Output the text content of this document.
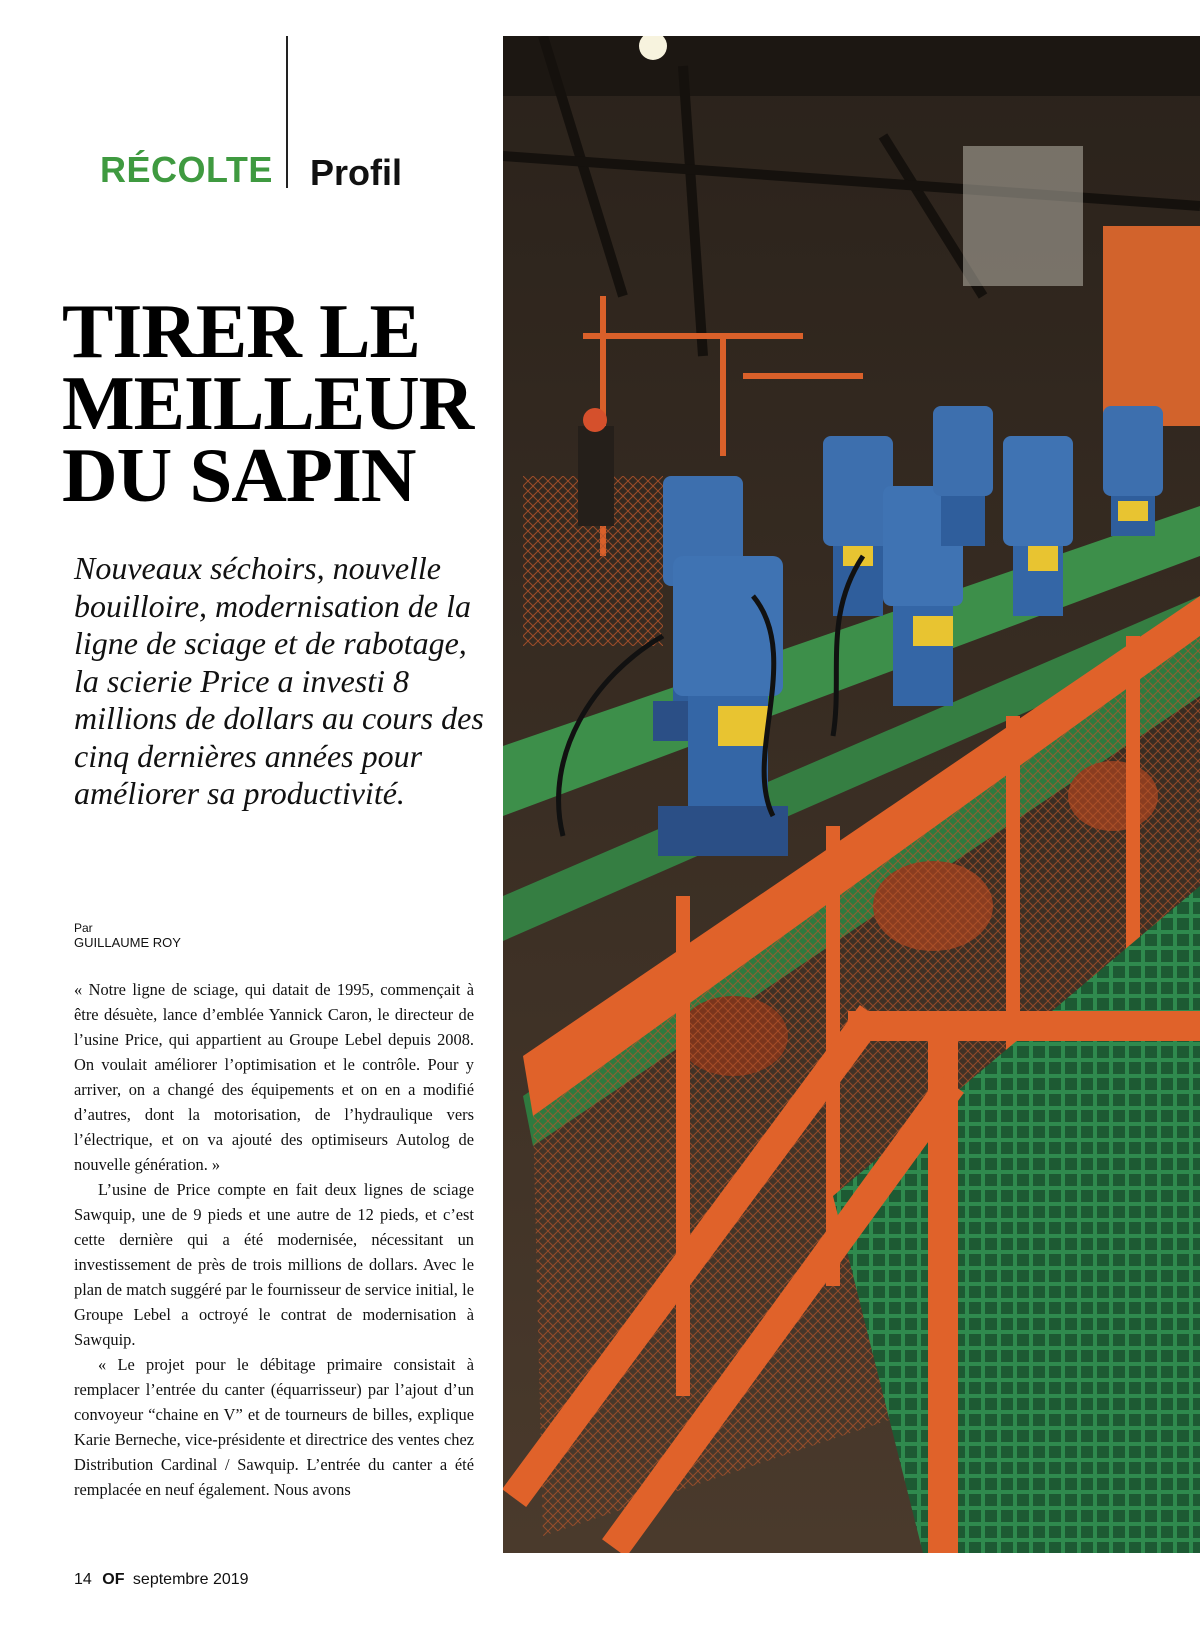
RÉCOLTE Profil
TIRER LE
MEILLEUR
DU SAPIN
Nouveaux séchoirs, nouvelle bouilloire, modernisation de la ligne de sciage et de rabotage, la scierie Price a investi 8 millions de dollars au cours des cinq dernières années pour améliorer sa productivité.
Par
GUILLAUME ROY

« Notre ligne de sciage, qui datait de 1995, commençait à être désuète, lance d’emblée Yannick Caron, le directeur de l’usine Price, qui appartient au Groupe Lebel depuis 2008. On voulait améliorer l’optimisation et le contrôle. Pour y arriver, on a changé des équipements et on en a modifié d’autres, dont la motorisation, de l’hydraulique vers l’électrique, et on va ajouté des optimiseurs Autolog de nouvelle génération. »

L’usine de Price compte en fait deux lignes de sciage Sawquip, une de 9 pieds et une autre de 12 pieds, et c’est cette dernière qui a été modernisée, nécessitant un investissement de près de trois millions de dollars. Avec le plan de match suggéré par le fournisseur de service initial, le Groupe Lebel a octroyé le contrat de modernisation à Sawquip.

« Le projet pour le débitage primaire consistait à remplacer l’entrée du canter (équarrisseur) par l’ajout d’un convoyeur “chaine en V” et de tourneurs de billes, explique Karie Berneche, vice-présidente et directrice des ventes chez Distribution Cardinal / Sawquip. L’entrée du canter a été remplacée en neuf également. Nous avons

14 OF septembre 2019
